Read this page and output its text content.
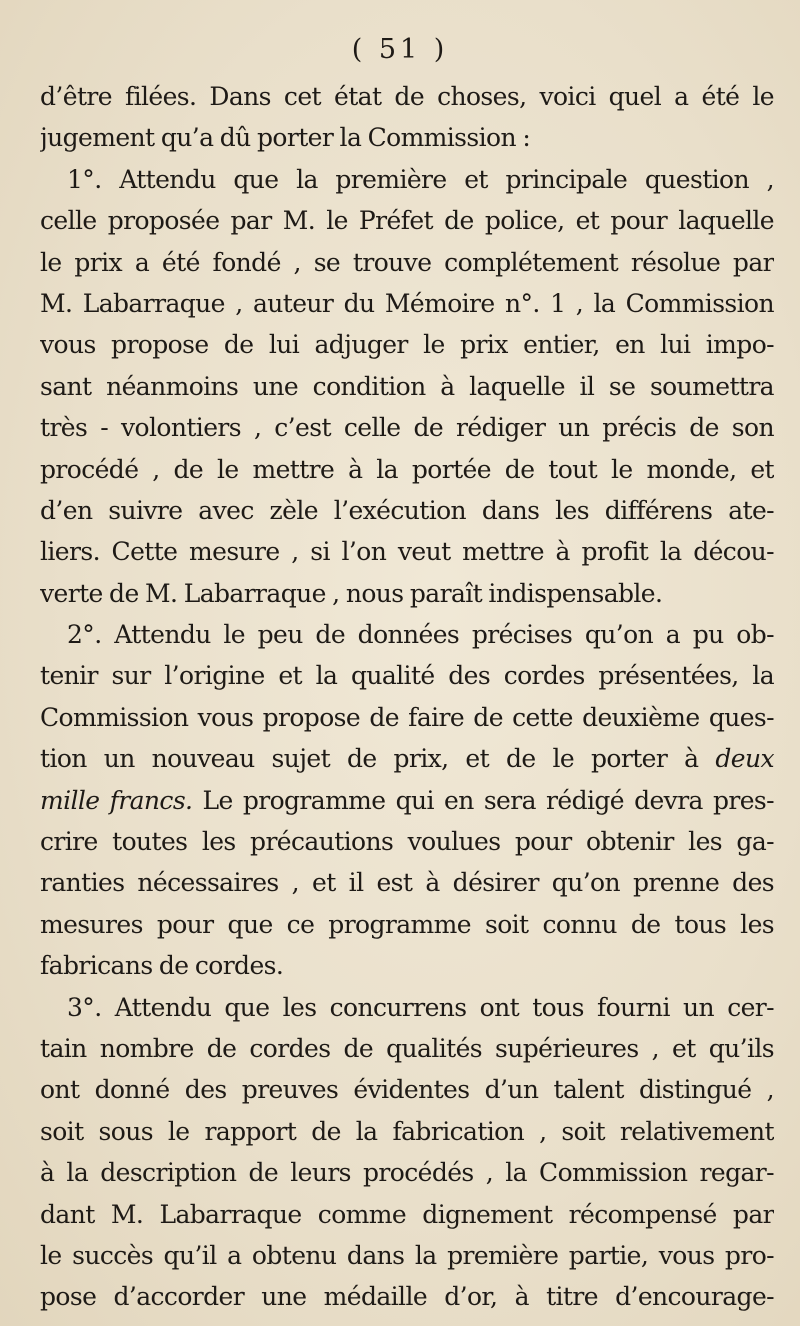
( 51 )
d’être filées. Dans cet état de choses, voici quel a été le
jugement qu’a dû porter la Commission :
1°. Attendu que la première et principale question ,
celle proposée par M. le Préfet de police, et pour laquelle
le prix a été fondé , se trouve complétement résolue par
M. Labarraque , auteur du Mémoire n°. 1 , la Commission
vous propose de lui adjuger le prix entier, en lui impo-
sant néanmoins une condition à laquelle il se soumettra
très - volontiers , c’est celle de rédiger un précis de son
procédé , de le mettre à la portée de tout le monde, et
d’en suivre avec zèle l’exécution dans les différens ate-
liers. Cette mesure , si l’on veut mettre à profit la décou-
verte de M. Labarraque , nous paraît indispensable.
2°. Attendu le peu de données précises qu’on a pu ob-
tenir sur l’origine et la qualité des cordes présentées, la
Commission vous propose de faire de cette deuxième ques-
tion un nouveau sujet de prix, et de le porter à deux
mille francs. Le programme qui en sera rédigé devra pres-
crire toutes les précautions voulues pour obtenir les ga-
ranties nécessaires , et il est à désirer qu’on prenne des
mesures pour que ce programme soit connu de tous les
fabricans de cordes.
3°. Attendu que les concurrens ont tous fourni un cer-
tain nombre de cordes de qualités supérieures , et qu’ils
ont donné des preuves évidentes d’un talent distingué ,
soit sous le rapport de la fabrication , soit relativement
à la description de leurs procédés , la Commission regar-
dant M. Labarraque comme dignement récompensé par
le succès qu’il a obtenu dans la première partie, vous pro-
pose d’accorder une médaille d’or, à titre d’encourage-
